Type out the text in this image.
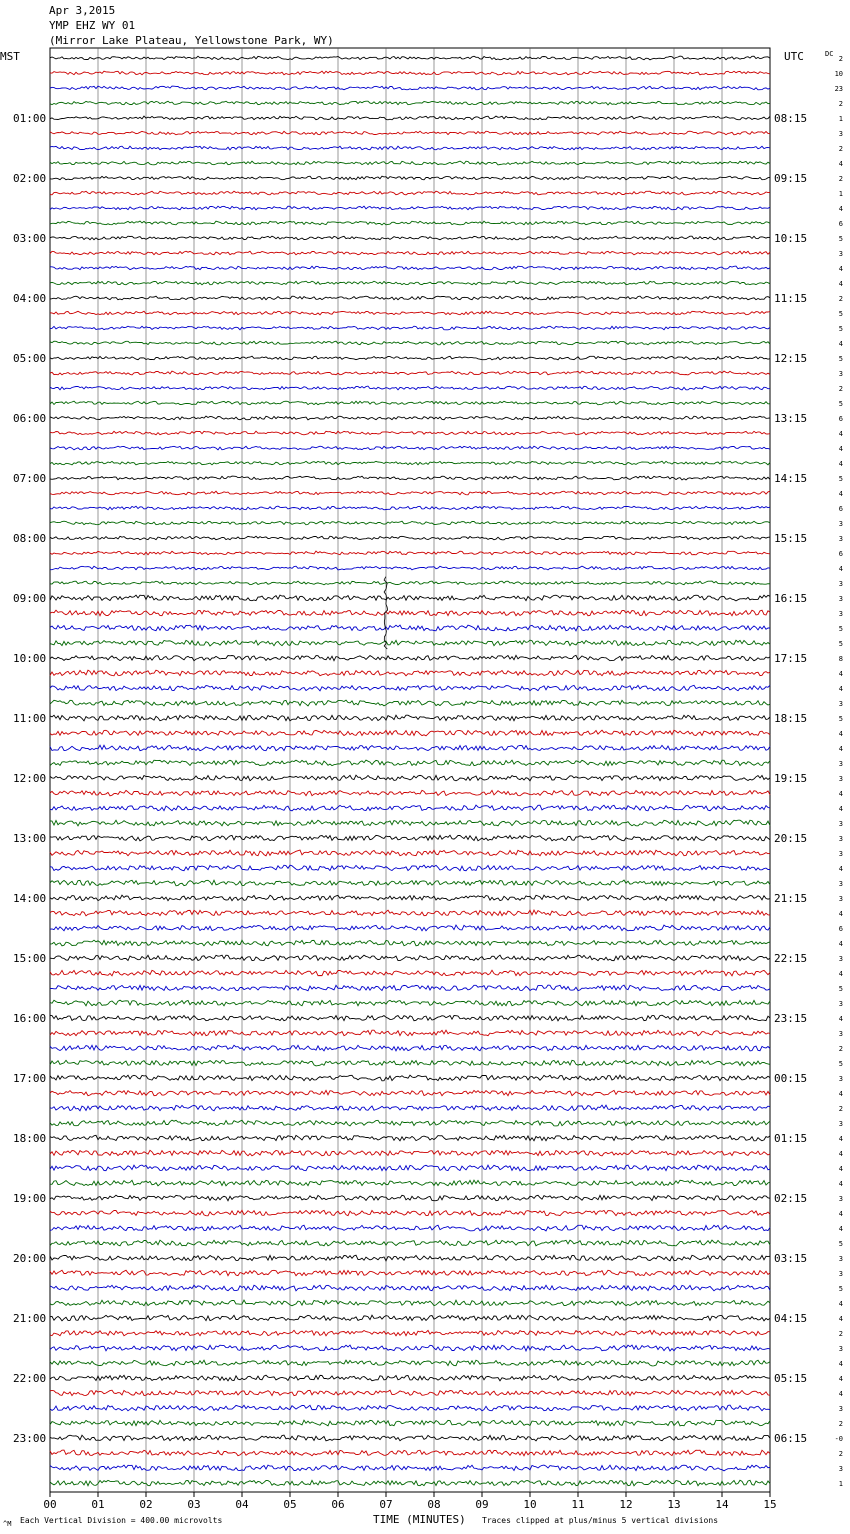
Apr 3,2015
YMP EHZ WY 01
(Mirror Lake Plateau, Yellowstone Park, WY)
MST	UTC	DC
2
10
23
2
1
3
2
4
2
1
4
6
5
3
4
4
2
5
5
4
5
3
2
5
6
4
4
4
5
4
6
3
3
6
4
3
3
3
5
5
8
4
4
3
5
4
4
3
3
4
4
3
3
3
4
3
3
4
6
4
3
4
5
3
4
3
2
5
3
4
2
3
4
4
4
4
3
4
4
5
3
3
5
4
4
2
3
4
4
4
3
2
-0
2
3
1
01:00
02:00
03:00
04:00
05:00
06:00
07:00
08:00
09:00
10:00
11:00
12:00
13:00
14:00
15:00
16:00
17:00
18:00
19:00
20:00
21:00
22:00
23:00
08:15
09:15
10:15
11:15
12:15
13:15
14:15
15:15
16:15
17:15
18:15
19:15
20:15
21:15
22:15
23:15
00:15
01:15
02:15
03:15
04:15
05:15
06:15
00	01	02	03	04	05	06	07	08	09	10	11	12	13	14	15
^M Each Vertical Division = 400.00 microvolts	TIME (MINUTES) Traces clipped at plus/minus 5 vertical divisions
